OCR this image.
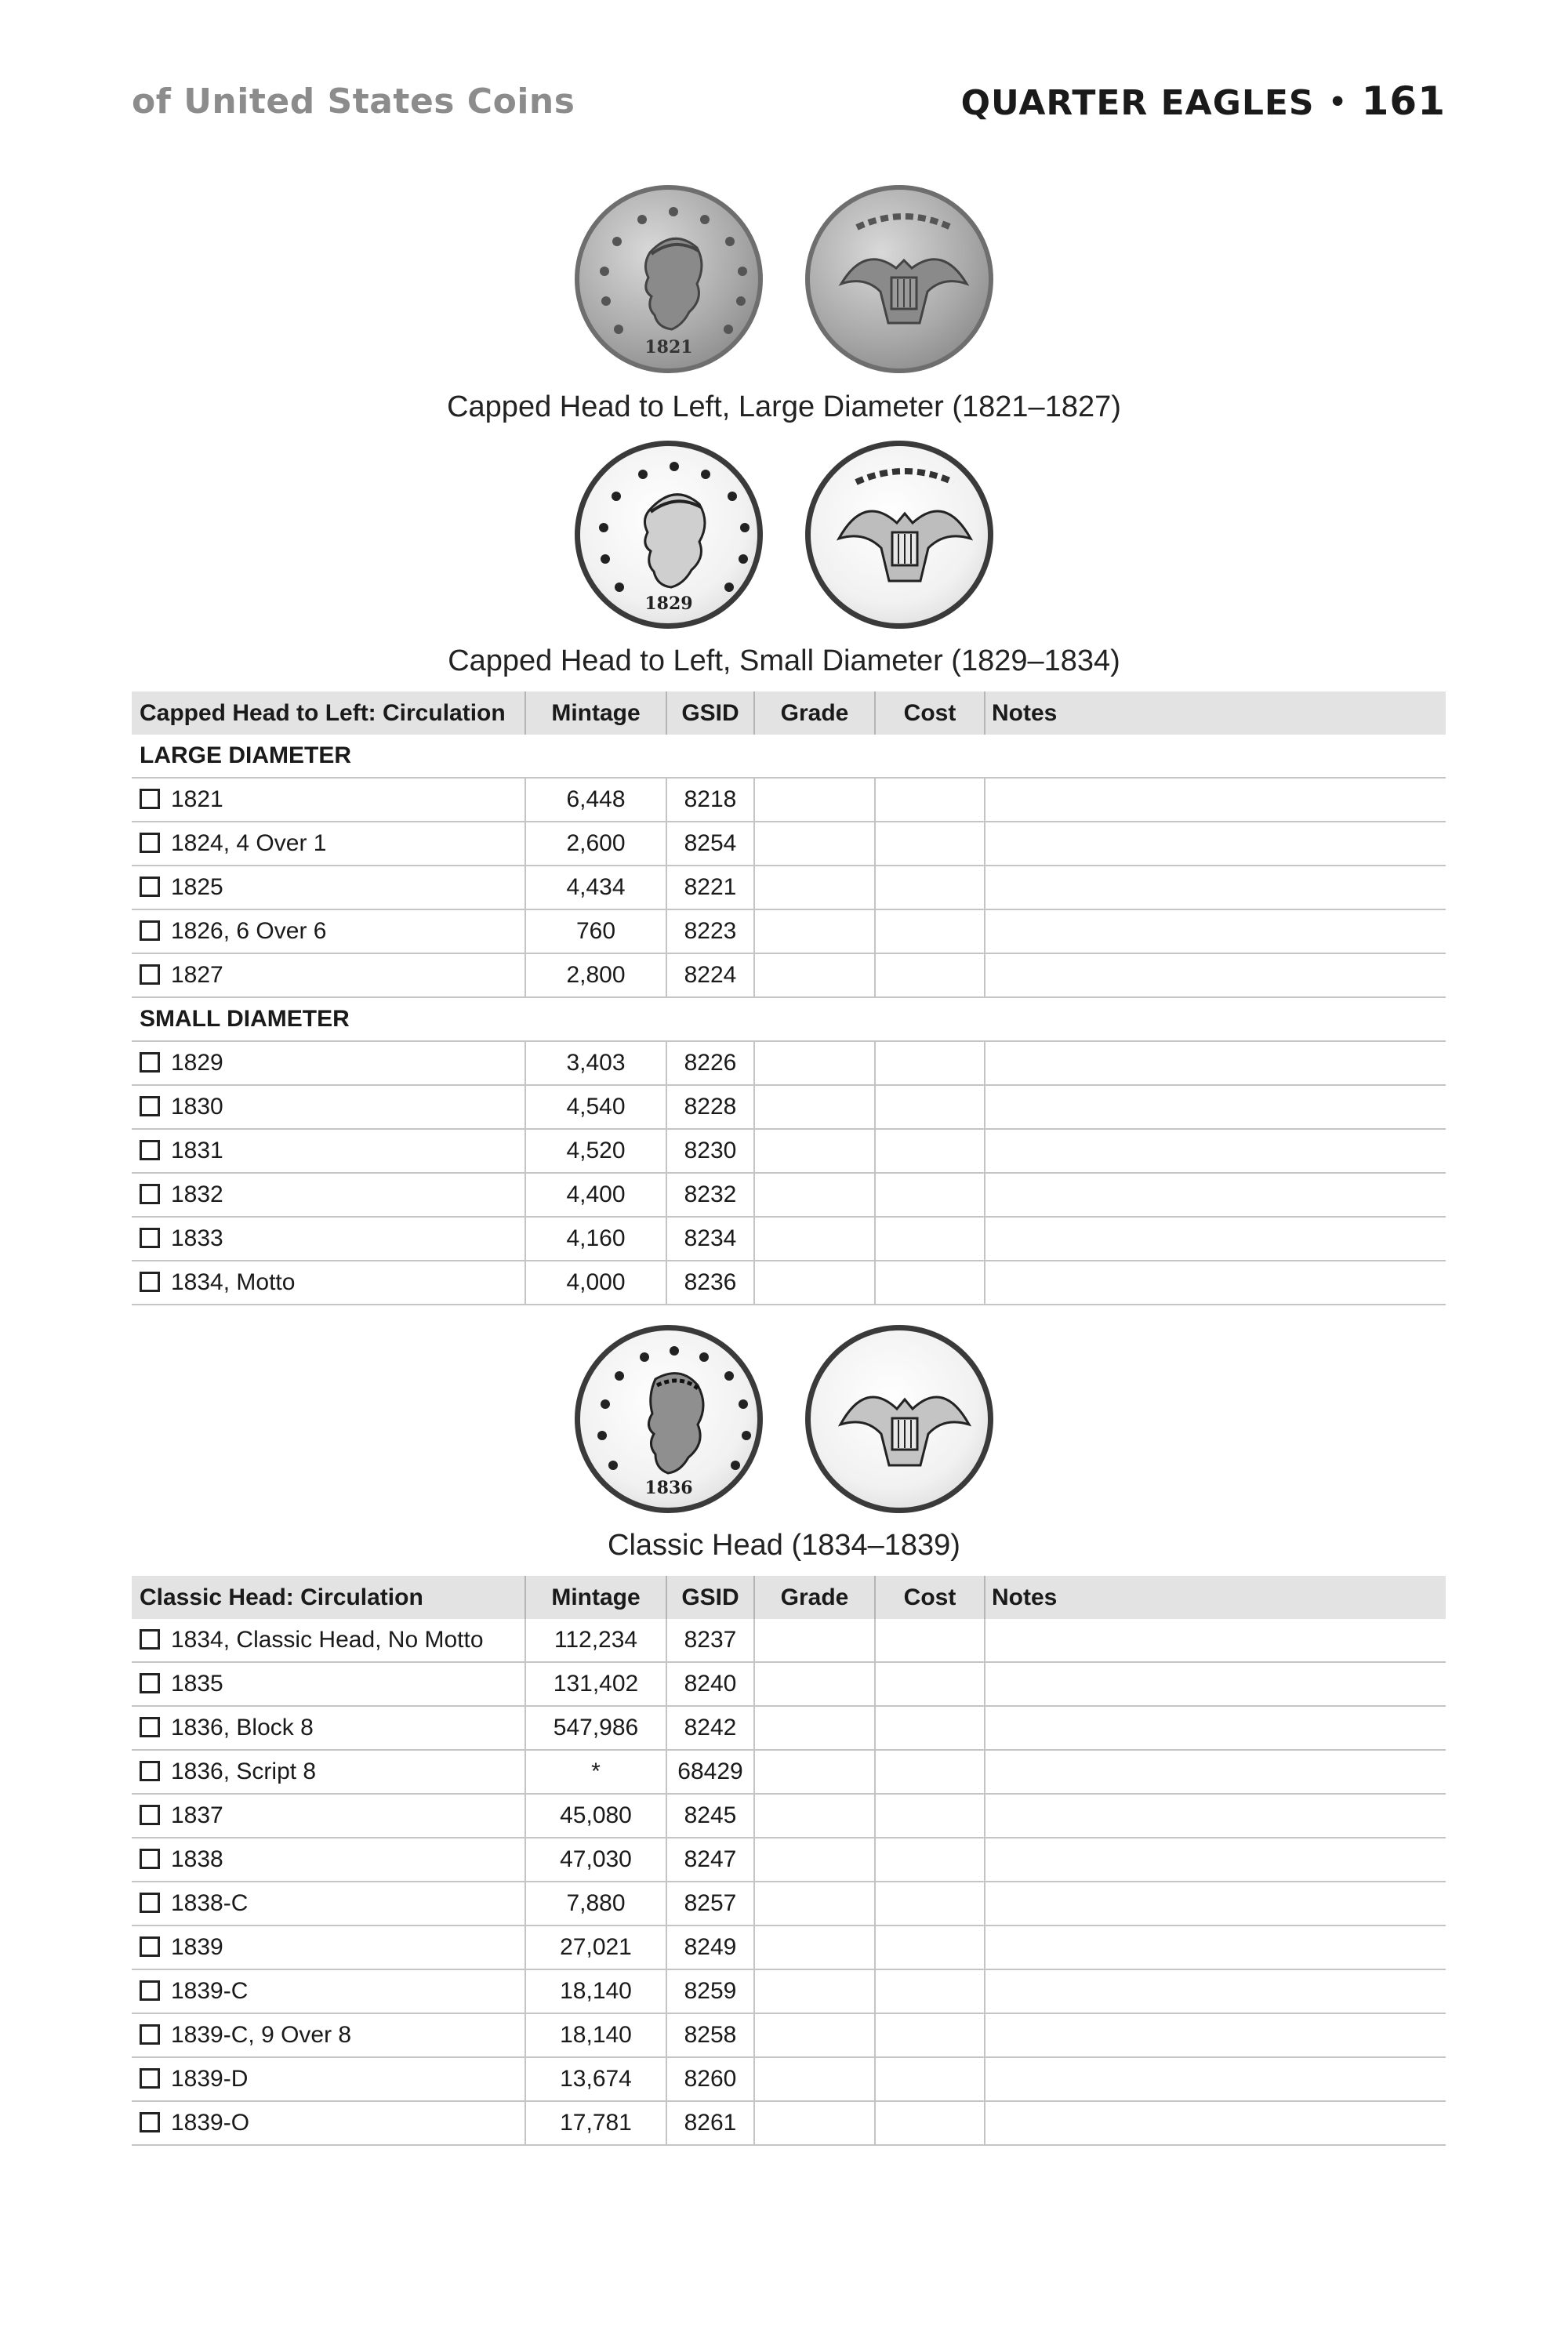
of United States Coins	QUARTER EAGLES • 161
1821
Capped Head to Left, Large Diameter (1821–1827)
1829
Capped Head to Left, Small Diameter (1829–1834)
Capped Head to Left: Circulation	Mintage	GSID	Grade	Cost	Notes
LARGE DIAMETER					
1821	6,448	8218			
1824, 4 Over 1	2,600	8254			
1825	4,434	8221			
1826, 6 Over 6	760	8223			
1827	2,800	8224			
SMALL DIAMETER					
1829	3,403	8226			
1830	4,540	8228			
1831	4,520	8230			
1832	4,400	8232			
1833	4,160	8234			
1834, Motto	4,000	8236			
1836
Classic Head (1834–1839)
Classic Head: Circulation	Mintage	GSID	Grade	Cost	Notes
1834, Classic Head, No Motto	112,234	8237			
1835	131,402	8240			
1836, Block 8	547,986	8242			
1836, Script 8	*	68429			
1837	45,080	8245			
1838	47,030	8247			
1838-C	7,880	8257			
1839	27,021	8249			
1839-C	18,140	8259			
1839-C, 9 Over 8	18,140	8258			
1839-D	13,674	8260			
1839-O	17,781	8261			
